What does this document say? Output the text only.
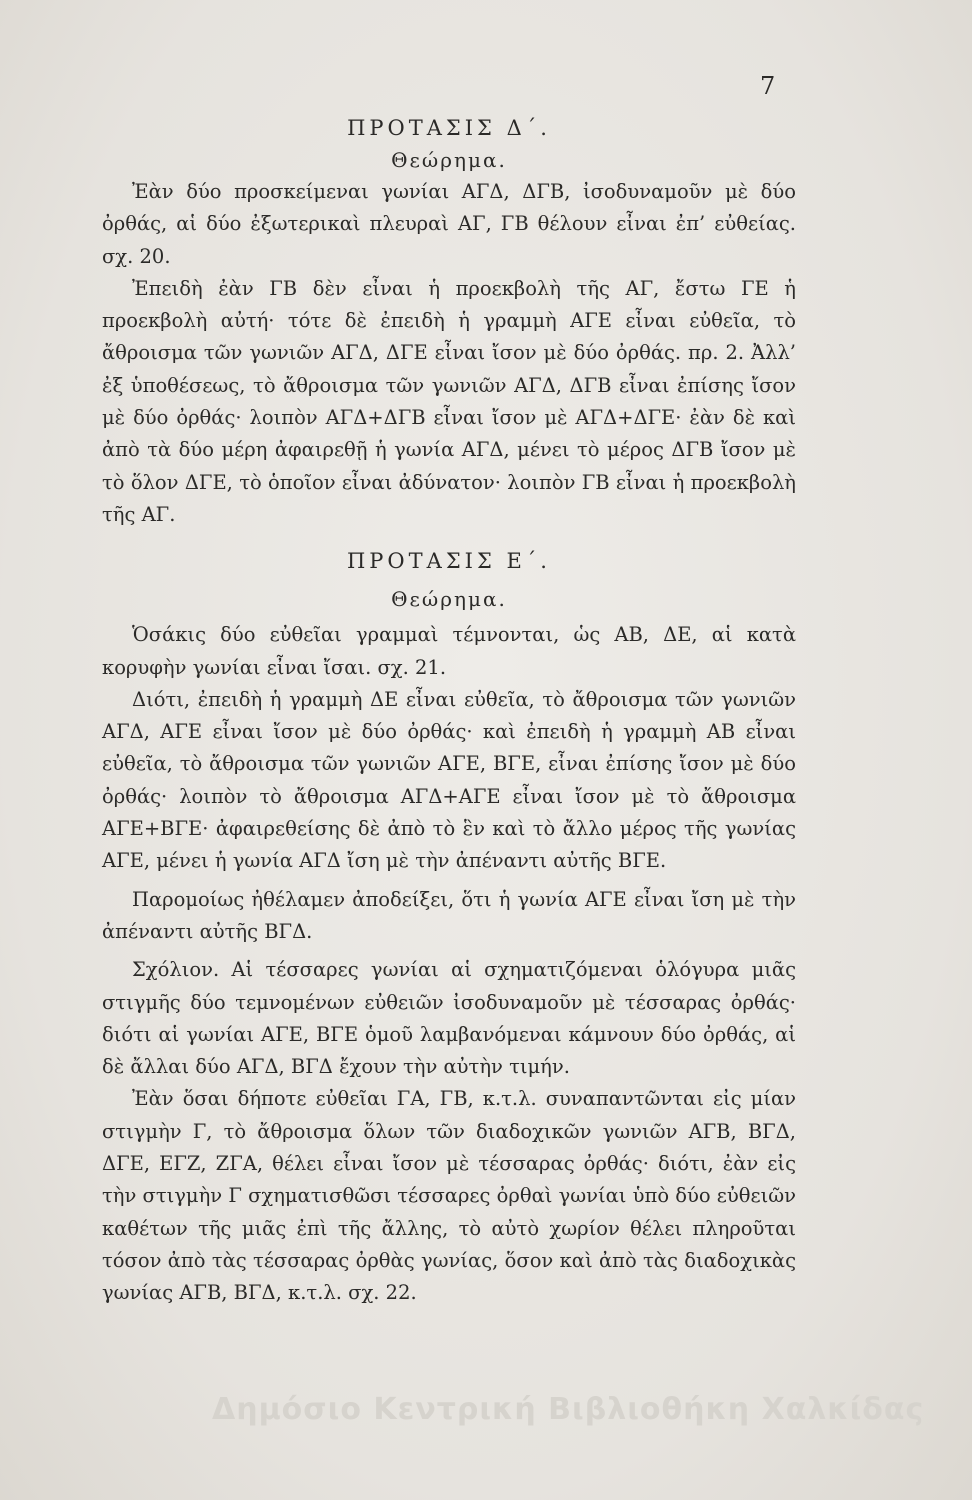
7

ΠΡΟΤΑΣΙΣ Δ΄.

Θεώρημα.

Ἐὰν δύο προσκείμεναι γωνίαι ΑΓΔ, ΔΓΒ, ἰσοδυναμοῦν μὲ δύο ὀρθάς, αἱ δύο ἐξωτερικαὶ πλευραὶ ΑΓ, ΓΒ θέλουν εἶναι ἐπ’ εὐθείας. σχ. 20.

Ἐπειδὴ ἐὰν ΓΒ δὲν εἶναι ἡ προεκβολὴ τῆς ΑΓ, ἔστω ΓΕ ἡ προεκβολὴ αὐτή· τότε δὲ ἐπειδὴ ἡ γραμμὴ ΑΓΕ εἶναι εὐθεῖα, τὸ ἄθροισμα τῶν γωνιῶν ΑΓΔ, ΔΓΕ εἶναι ἴσον μὲ δύο ὀρθάς. πρ. 2. Ἀλλ’ ἐξ ὑποθέσεως, τὸ ἄθροισμα τῶν γωνιῶν ΑΓΔ, ΔΓΒ εἶναι ἐπίσης ἴσον μὲ δύο ὀρθάς· λοιπὸν ΑΓΔ+ΔΓΒ εἶναι ἴσον μὲ ΑΓΔ+ΔΓΕ· ἐὰν δὲ καὶ ἀπὸ τὰ δύο μέρη ἀφαιρεθῇ ἡ γωνία ΑΓΔ, μένει τὸ μέρος ΔΓΒ ἴσον μὲ τὸ ὅλον ΔΓΕ, τὸ ὁποῖον εἶναι ἀδύνατον· λοιπὸν ΓΒ εἶναι ἡ προεκβολὴ τῆς ΑΓ.

ΠΡΟΤΑΣΙΣ Ε΄.

Θεώρημα.

Ὁσάκις δύο εὐθεῖαι γραμμαὶ τέμνονται, ὡς ΑΒ, ΔΕ, αἱ κατὰ κορυφὴν γωνίαι εἶναι ἴσαι. σχ. 21.

Διότι, ἐπειδὴ ἡ γραμμὴ ΔΕ εἶναι εὐθεῖα, τὸ ἄθροισμα τῶν γωνιῶν ΑΓΔ, ΑΓΕ εἶναι ἴσον μὲ δύο ὀρθάς· καὶ ἐπειδὴ ἡ γραμμὴ ΑΒ εἶναι εὐθεῖα, τὸ ἄθροισμα τῶν γωνιῶν ΑΓΕ, ΒΓΕ, εἶναι ἐπίσης ἴσον μὲ δύο ὀρθάς· λοιπὸν τὸ ἄθροισμα ΑΓΔ+ΑΓΕ εἶναι ἴσον μὲ τὸ ἄθροισμα ΑΓΕ+ΒΓΕ· ἀφαιρεθείσης δὲ ἀπὸ τὸ ἓν καὶ τὸ ἄλλο μέρος τῆς γωνίας ΑΓΕ, μένει ἡ γωνία ΑΓΔ ἴση μὲ τὴν ἀπέναντι αὐτῆς ΒΓΕ.

Παρομοίως ἠθέλαμεν ἀποδείξει, ὅτι ἡ γωνία ΑΓΕ εἶναι ἴση μὲ τὴν ἀπέναντι αὐτῆς ΒΓΔ.

Σχόλιον. Αἱ τέσσαρες γωνίαι αἱ σχηματιζόμεναι ὁλόγυρα μιᾶς στιγμῆς δύο τεμνομένων εὐθειῶν ἰσοδυναμοῦν μὲ τέσσαρας ὀρθάς· διότι αἱ γωνίαι ΑΓΕ, ΒΓΕ ὁμοῦ λαμβανόμεναι κάμνουν δύο ὀρθάς, αἱ δὲ ἄλλαι δύο ΑΓΔ, ΒΓΔ ἔχουν τὴν αὐτὴν τιμήν.

Ἐὰν ὅσαι δήποτε εὐθεῖαι ΓΑ, ΓΒ, κ.τ.λ. συναπαντῶνται εἰς μίαν στιγμὴν Γ, τὸ ἄθροισμα ὅλων τῶν διαδοχικῶν γωνιῶν ΑΓΒ, ΒΓΔ, ΔΓΕ, ΕΓΖ, ΖΓΑ, θέλει εἶναι ἴσον μὲ τέσσαρας ὀρθάς· διότι, ἐὰν εἰς τὴν στιγμὴν Γ σχηματισθῶσι τέσσαρες ὀρθαὶ γωνίαι ὑπὸ δύο εὐθειῶν καθέτων τῆς μιᾶς ἐπὶ τῆς ἄλλης, τὸ αὐτὸ χωρίον θέλει πληροῦται τόσον ἀπὸ τὰς τέσσαρας ὀρθὰς γωνίας, ὅσον καὶ ἀπὸ τὰς διαδοχικὰς γωνίας ΑΓΒ, ΒΓΔ, κ.τ.λ. σχ. 22.

Δημόσιο Κεντρική Βιβλιοθήκη Χαλκίδας
